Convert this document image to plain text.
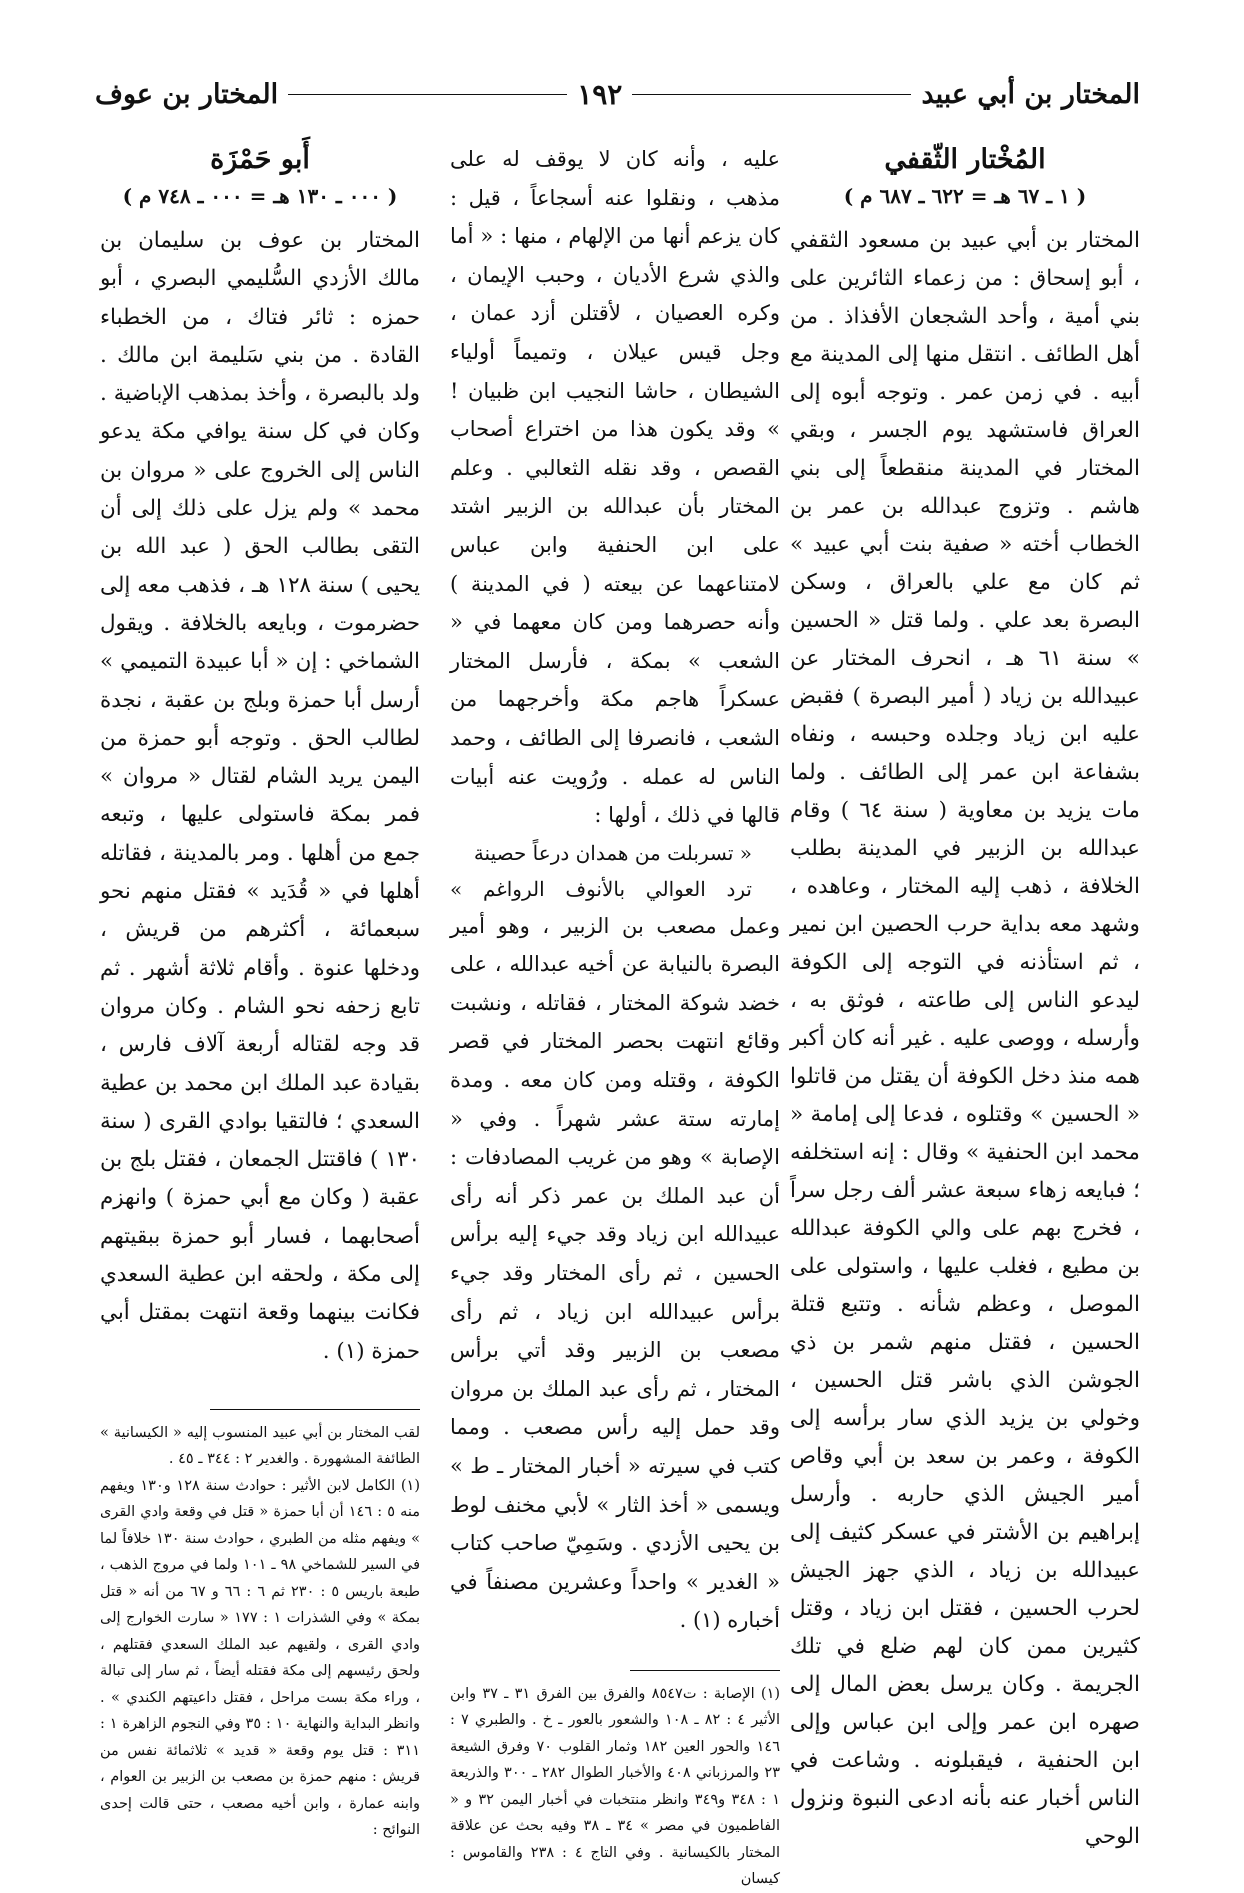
المختار بن أبي عبيد
١٩٢
المختار بن عوف
المُخْتار الثّقفي
( ١ ـ ٦٧ هـ = ٦٢٢ ـ ٦٨٧ م )

المختار بن أبي عبيد بن مسعود الثقفي ، أبو إسحاق : من زعماء الثائرين على بني أمية ، وأحد الشجعان الأفذاذ . من أهل الطائف . انتقل منها إلى المدينة مع أبيه . في زمن عمر . وتوجه أبوه إلى العراق فاستشهد يوم الجسر ، وبقي المختار في المدينة منقطعاً إلى بني هاشم . وتزوج عبدالله بن عمر بن الخطاب أخته « صفية بنت أبي عبيد » ثم كان مع علي بالعراق ، وسكن البصرة بعد علي . ولما قتل « الحسين » سنة ٦١ هـ ، انحرف المختار عن عبيدالله بن زياد ( أمير البصرة ) فقبض عليه ابن زياد وجلده وحبسه ، ونفاه بشفاعة ابن عمر إلى الطائف . ولما مات يزيد بن معاوية ( سنة ٦٤ ) وقام عبدالله بن الزبير في المدينة بطلب الخلافة ، ذهب إليه المختار ، وعاهده ، وشهد معه بداية حرب الحصين ابن نمير ، ثم استأذنه في التوجه إلى الكوفة ليدعو الناس إلى طاعته ، فوثق به ، وأرسله ، ووصى عليه . غير أنه كان أكبر همه منذ دخل الكوفة أن يقتل من قاتلوا « الحسين » وقتلوه ، فدعا إلى إمامة « محمد ابن الحنفية » وقال : إنه استخلفه ؛ فبايعه زهاء سبعة عشر ألف رجل سراً ، فخرج بهم على والي الكوفة عبدالله بن مطيع ، فغلب عليها ، واستولى على الموصل ، وعظم شأنه . وتتبع قتلة الحسين ، فقتل منهم شمر بن ذي الجوشن الذي باشر قتل الحسين ، وخولي بن يزيد الذي سار برأسه إلى الكوفة ، وعمر بن سعد بن أبي وقاص أمير الجيش الذي حاربه . وأرسل إبراهيم بن الأشتر في عسكر كثيف إلى عبيدالله بن زياد ، الذي جهز الجيش لحرب الحسين ، فقتل ابن زياد ، وقتل كثيرين ممن كان لهم ضلع في تلك الجريمة . وكان يرسل بعض المال إلى صهره ابن عمر وإلى ابن عباس وإلى ابن الحنفية ، فيقبلونه . وشاعت في الناس أخبار عنه بأنه ادعى النبوة ونزول الوحي

عليه ، وأنه كان لا يوقف له على مذهب ، ونقلوا عنه أسجاعاً ، قيل : كان يزعم أنها من الإلهام ، منها : « أما والذي شرع الأديان ، وحبب الإيمان ، وكره العصيان ، لأقتلن أزد عمان ، وجل قيس عيلان ، وتميماً أولياء الشيطان ، حاشا النجيب ابن ظبيان ! » وقد يكون هذا من اختراع أصحاب القصص ، وقد نقله الثعالبي . وعلم المختار بأن عبدالله بن الزبير اشتد على ابن الحنفية وابن عباس لامتناعهما عن بيعته ( في المدينة ) وأنه حصرهما ومن كان معهما في « الشعب » بمكة ، فأرسل المختار عسكراً هاجم مكة وأخرجهما من الشعب ، فانصرفا إلى الطائف ، وحمد الناس له عمله . ورُويت عنه أبيات قالها في ذلك ، أولها :

« تسربلت من همدان درعاً حصينة

ترد العوالي بالأنوف الرواغم »

وعمل مصعب بن الزبير ، وهو أمير البصرة بالنيابة عن أخيه عبدالله ، على خضد شوكة المختار ، فقاتله ، ونشبت وقائع انتهت بحصر المختار في قصر الكوفة ، وقتله ومن كان معه . ومدة إمارته ستة عشر شهراً . وفي « الإصابة » وهو من غريب المصادفات : أن عبد الملك بن عمر ذكر أنه رأى عبيدالله ابن زياد وقد جيء إليه برأس الحسين ، ثم رأى المختار وقد جيء برأس عبيدالله ابن زياد ، ثم رأى مصعب بن الزبير وقد أتي برأس المختار ، ثم رأى عبد الملك بن مروان وقد حمل إليه رأس مصعب . ومما كتب في سيرته « أخبار المختار ـ ط » ويسمى « أخذ الثار » لأبي مخنف لوط بن يحيى الأزدي . وسَمِيّ صاحب كتاب « الغدير » واحداً وعشرين مصنفاً في أخباره (١) .

(١) الإصابة : ت٨٥٤٧ والفرق بين الفرق ٣١ ـ ٣٧ وابن الأثير ٤ : ٨٢ ـ ١٠٨ والشعور بالعور ـ خ . والطبري ٧ : ١٤٦ والحور العين ١٨٢ وثمار القلوب ٧٠ وفرق الشيعة ٢٣ والمرزباني ٤٠٨ والأخبار الطوال ٢٨٢ ـ ٣٠٠ والذريعة ١ : ٣٤٨ و٣٤٩ وانظر منتخبات في أخبار اليمن ٣٢ و « الفاطميون في مصر » ٣٤ ـ ٣٨ وفيه بحث عن علاقة المختار بالكيسانية . وفي التاج ٤ : ٢٣٨ والقاموس : كيسان

أَبو حَمْزَة
( ٠٠٠ ـ ١٣٠ هـ = ٠٠٠ ـ ٧٤٨ م )

المختار بن عوف بن سليمان بن مالك الأزدي السُّليمي البصري ، أبو حمزه : ثائر فتاك ، من الخطباء القادة . من بني سَليمة ابن مالك . ولد بالبصرة ، وأخذ بمذهب الإباضية . وكان في كل سنة يوافي مكة يدعو الناس إلى الخروج على « مروان بن محمد » ولم يزل على ذلك إلى أن التقى بطالب الحق ( عبد الله بن يحيى ) سنة ١٢٨ هـ ، فذهب معه إلى حضرموت ، وبايعه بالخلافة . ويقول الشماخي : إن « أبا عبيدة التميمي » أرسل أبا حمزة وبلج بن عقبة ، نجدة لطالب الحق . وتوجه أبو حمزة من اليمن يريد الشام لقتال « مروان » فمر بمكة فاستولى عليها ، وتبعه جمع من أهلها . ومر بالمدينة ، فقاتله أهلها في « قُدَيد » فقتل منهم نحو سبعمائة ، أكثرهم من قريش ، ودخلها عنوة . وأقام ثلاثة أشهر . ثم تابع زحفه نحو الشام . وكان مروان قد وجه لقتاله أربعة آلاف فارس ، بقيادة عبد الملك ابن محمد بن عطية السعدي ؛ فالتقيا بوادي القرى ( سنة ١٣٠ ) فاقتتل الجمعان ، فقتل بلج بن عقبة ( وكان مع أبي حمزة ) وانهزم أصحابهما ، فسار أبو حمزة ببقيتهم إلى مكة ، ولحقه ابن عطية السعدي فكانت بينهما وقعة انتهت بمقتل أبي حمزة (١) .

لقب المختار بن أبي عبيد المنسوب إليه « الكيسانية » الطائفة المشهورة . والغدير ٢ : ٣٤٤ ـ ٤٥ .

(١) الكامل لابن الأثير : حوادث سنة ١٢٨ و١٣٠ ويفهم منه ٥ : ١٤٦ أن أبا حمزة « قتل في وقعة وادي القرى » ويفهم مثله من الطبري ، حوادث سنة ١٣٠ خلافاً لما في السير للشماخي ٩٨ ـ ١٠١ ولما في مروج الذهب ، طبعة باريس ٥ : ٢٣٠ ثم ٦ : ٦٦ و ٦٧ من أنه « قتل بمكة » وفي الشذرات ١ : ١٧٧ « سارت الخوارج إلى وادي القرى ، ولقيهم عبد الملك السعدي فقتلهم ، ولحق رئيسهم إلى مكة فقتله أيضاً ، ثم سار إلى تبالة ، وراء مكة بست مراحل ، فقتل داعيتهم الكندي » . وانظر البداية والنهاية ١٠ : ٣٥ وفي النجوم الزاهرة ١ : ٣١١ : قتل يوم وقعة « قديد » ثلاثمائة نفس من قريش : منهم حمزة بن مصعب بن الزبير بن العوام ، وابنه عمارة ، وابن أخيه مصعب ، حتى قالت إحدى النوائح :
